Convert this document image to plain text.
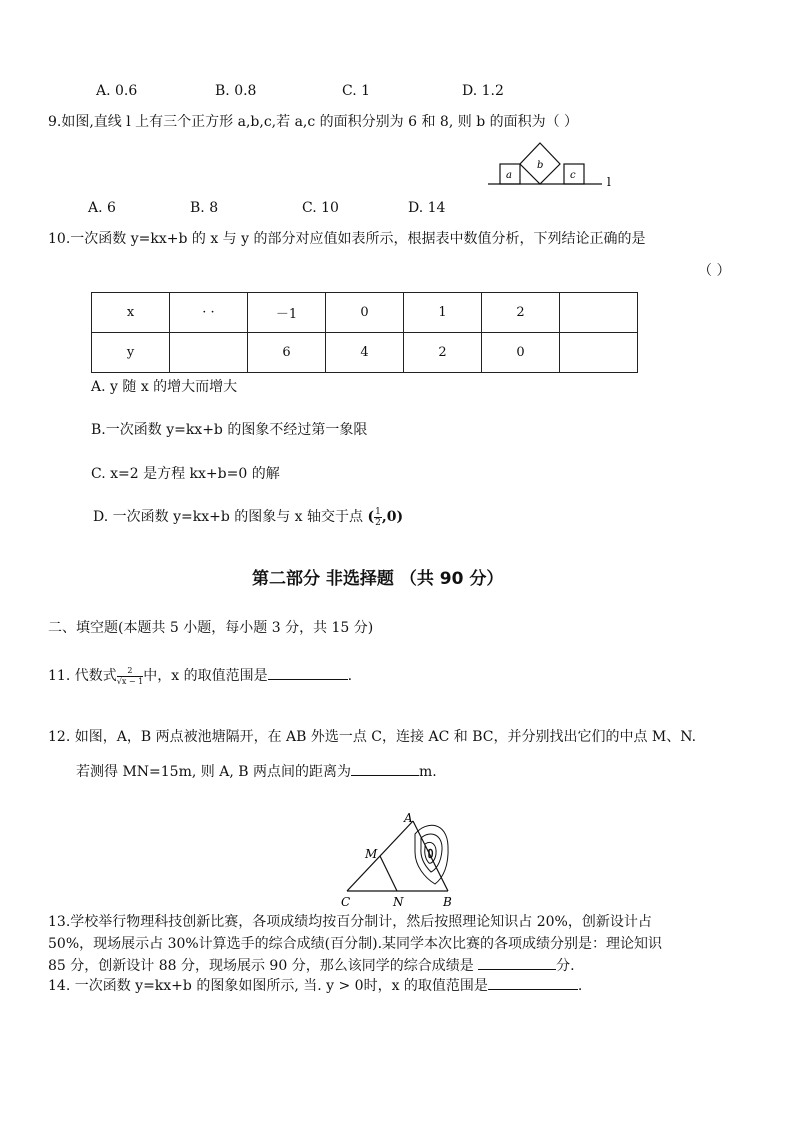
A. 0.6	B. 0.8	C. 1	D. 1.2
9.如图,直线 l 上有三个正方形 a,b,c,若 a,c 的面积分别为 6 和 8, 则 b 的面积为（ ）
a
b
c	l
A. 6	B. 8	C. 10	D. 14
10.一次函数 y=kx+b 的 x 与 y 的部分对应值如表所示，根据表中数值分析，下列结论正确的是
（ ）
x	· ·	－1	0	1	2	
y		6	4	2	0	
A. y 随 x 的增大而增大
B.一次函数 y=kx+b 的图象不经过第一象限
C. x=2 是方程 kx+b=0 的解
D. 一次函数 y=kx+b 的图象与 x 轴交于点 ( $\frac{1}{2} ,0$)
第二部分 非选择题 （共 90 分）
二、填空题(本题共 5 小题，每小题 3 分，共 15 分)
11. 代数式 $\frac{2}{√x - 1}$ 中，x 的取值范围是	.
12. 如图，A，B 两点被池塘隔开，在 AB 外选一点 C，连接 AC 和 BC，并分别找出它们的中点 M、N.
若测得 MN=15m, 则 A, B 两点间的距离为	m.
A
B
C
M
N
13.学校举行物理科技创新比赛，各项成绩均按百分制计，然后按照理论知识占 20%，创新设计占
50%，现场展示占 30%计算选手的综合成绩(百分制).某同学本次比赛的各项成绩分别是：理论知识
85 分，创新设计 88 分，现场展示 90 分，那么该同学的综合成绩是	分.
14. 一次函数 y=kx+b 的图象如图所示, 当. y > 0时，x 的取值范围是	.
